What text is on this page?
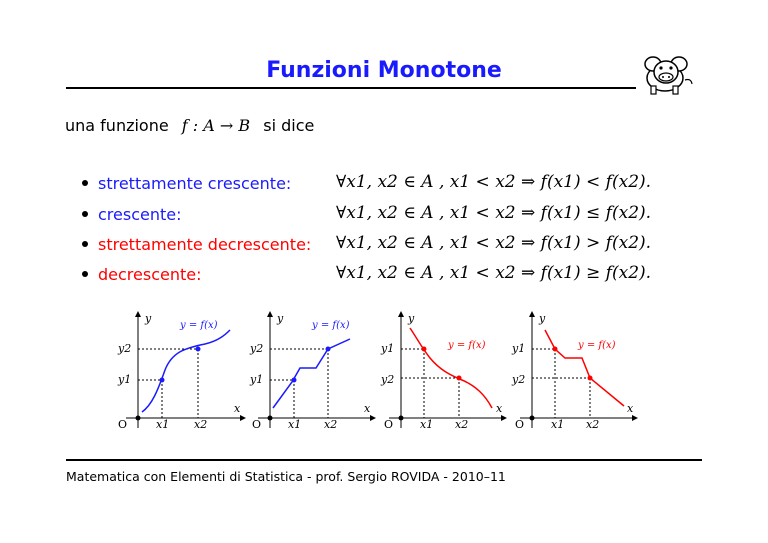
Funzioni Monotone
una funzione f : A → B si dice
strettamente crescente:	∀x1, x2 ∈ A , x1 < x2 ⇒ f(x1) < f(x2).
crescente:	∀x1, x2 ∈ A , x1 < x2 ⇒ f(x1) ≤ f(x2).
strettamente decrescente: ∀x1, x2 ∈ A , x1 < x2 ⇒ f(x1) > f(x2).
decrescente:	∀x1, x2 ∈ A , x1 < x2 ⇒ f(x1) ≥ f(x2).
y
x
O	x1 x2
y2
y1
y = f(x)
y
x
O x1 x2
y2
y1
y = f(x)
y
x
O x1 x2
y1
y2
y = f(x)
y
x
O x1 x2
y1
y2
y = f(x)
Matematica con Elementi di Statistica - prof. Sergio ROVIDA - 2010–11
